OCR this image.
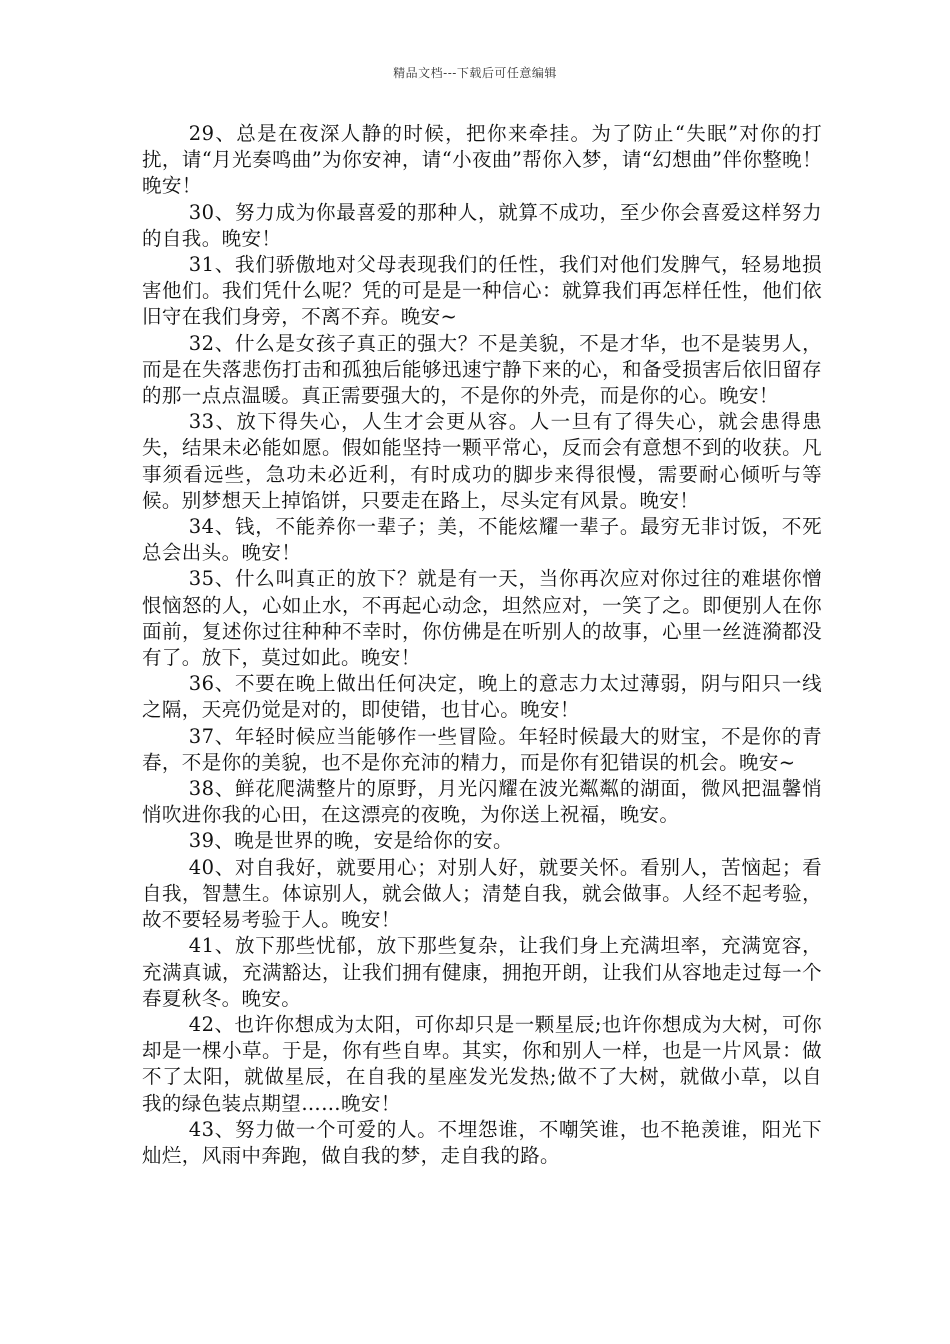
精品文档---下载后可任意编辑

29、总是在夜深人静的时候，把你来牵挂。为了防止“失眠”对你的打扰，请“月光奏鸣曲”为你安神，请“小夜曲”帮你入梦，请“幻想曲”伴你整晚！晚安！

30、努力成为你最喜爱的那种人，就算不成功，至少你会喜爱这样努力的自我。晚安！

31、我们骄傲地对父母表现我们的任性，我们对他们发脾气，轻易地损害他们。我们凭什么呢？凭的可是是一种信心：就算我们再怎样任性，他们依旧守在我们身旁，不离不弃。晚安~

32、什么是女孩子真正的强大？不是美貌，不是才华，也不是装男人，而是在失落悲伤打击和孤独后能够迅速宁静下来的心，和备受损害后依旧留存的那一点点温暖。真正需要强大的，不是你的外壳，而是你的心。晚安！

33、放下得失心，人生才会更从容。人一旦有了得失心，就会患得患失，结果未必能如愿。假如能坚持一颗平常心，反而会有意想不到的收获。凡事须看远些，急功未必近利，有时成功的脚步来得很慢，需要耐心倾听与等候。别梦想天上掉馅饼，只要走在路上，尽头定有风景。晚安！

34、钱，不能养你一辈子；美，不能炫耀一辈子。最穷无非讨饭，不死总会出头。晚安！

35、什么叫真正的放下？就是有一天，当你再次应对你过往的难堪你憎恨恼怒的人，心如止水，不再起心动念，坦然应对，一笑了之。即便别人在你面前，复述你过往种种不幸时，你仿佛是在听别人的故事，心里一丝涟漪都没有了。放下，莫过如此。晚安！

36、不要在晚上做出任何决定，晚上的意志力太过薄弱，阴与阳只一线之隔，天亮仍觉是对的，即使错，也甘心。晚安！

37、年轻时候应当能够作一些冒险。年轻时候最大的财宝，不是你的青春，不是你的美貌，也不是你充沛的精力，而是你有犯错误的机会。晚安~

38、鲜花爬满整片的原野，月光闪耀在波光粼粼的湖面，微风把温馨悄悄吹进你我的心田，在这漂亮的夜晚，为你送上祝福，晚安。

39、晚是世界的晚，安是给你的安。

40、对自我好，就要用心；对别人好，就要关怀。看别人，苦恼起；看自我，智慧生。体谅别人，就会做人；清楚自我，就会做事。人经不起考验，故不要轻易考验于人。晚安！

41、放下那些忧郁，放下那些复杂，让我们身上充满坦率，充满宽容，充满真诚，充满豁达，让我们拥有健康，拥抱开朗，让我们从容地走过每一个春夏秋冬。晚安。

42、也许你想成为太阳，可你却只是一颗星辰;也许你想成为大树，可你却是一棵小草。于是，你有些自卑。其实，你和别人一样，也是一片风景：做不了太阳，就做星辰，在自我的星座发光发热;做不了大树，就做小草，以自我的绿色装点期望……晚安！

43、努力做一个可爱的人。不埋怨谁，不嘲笑谁，也不艳羡谁，阳光下灿烂，风雨中奔跑，做自我的梦，走自我的路。
